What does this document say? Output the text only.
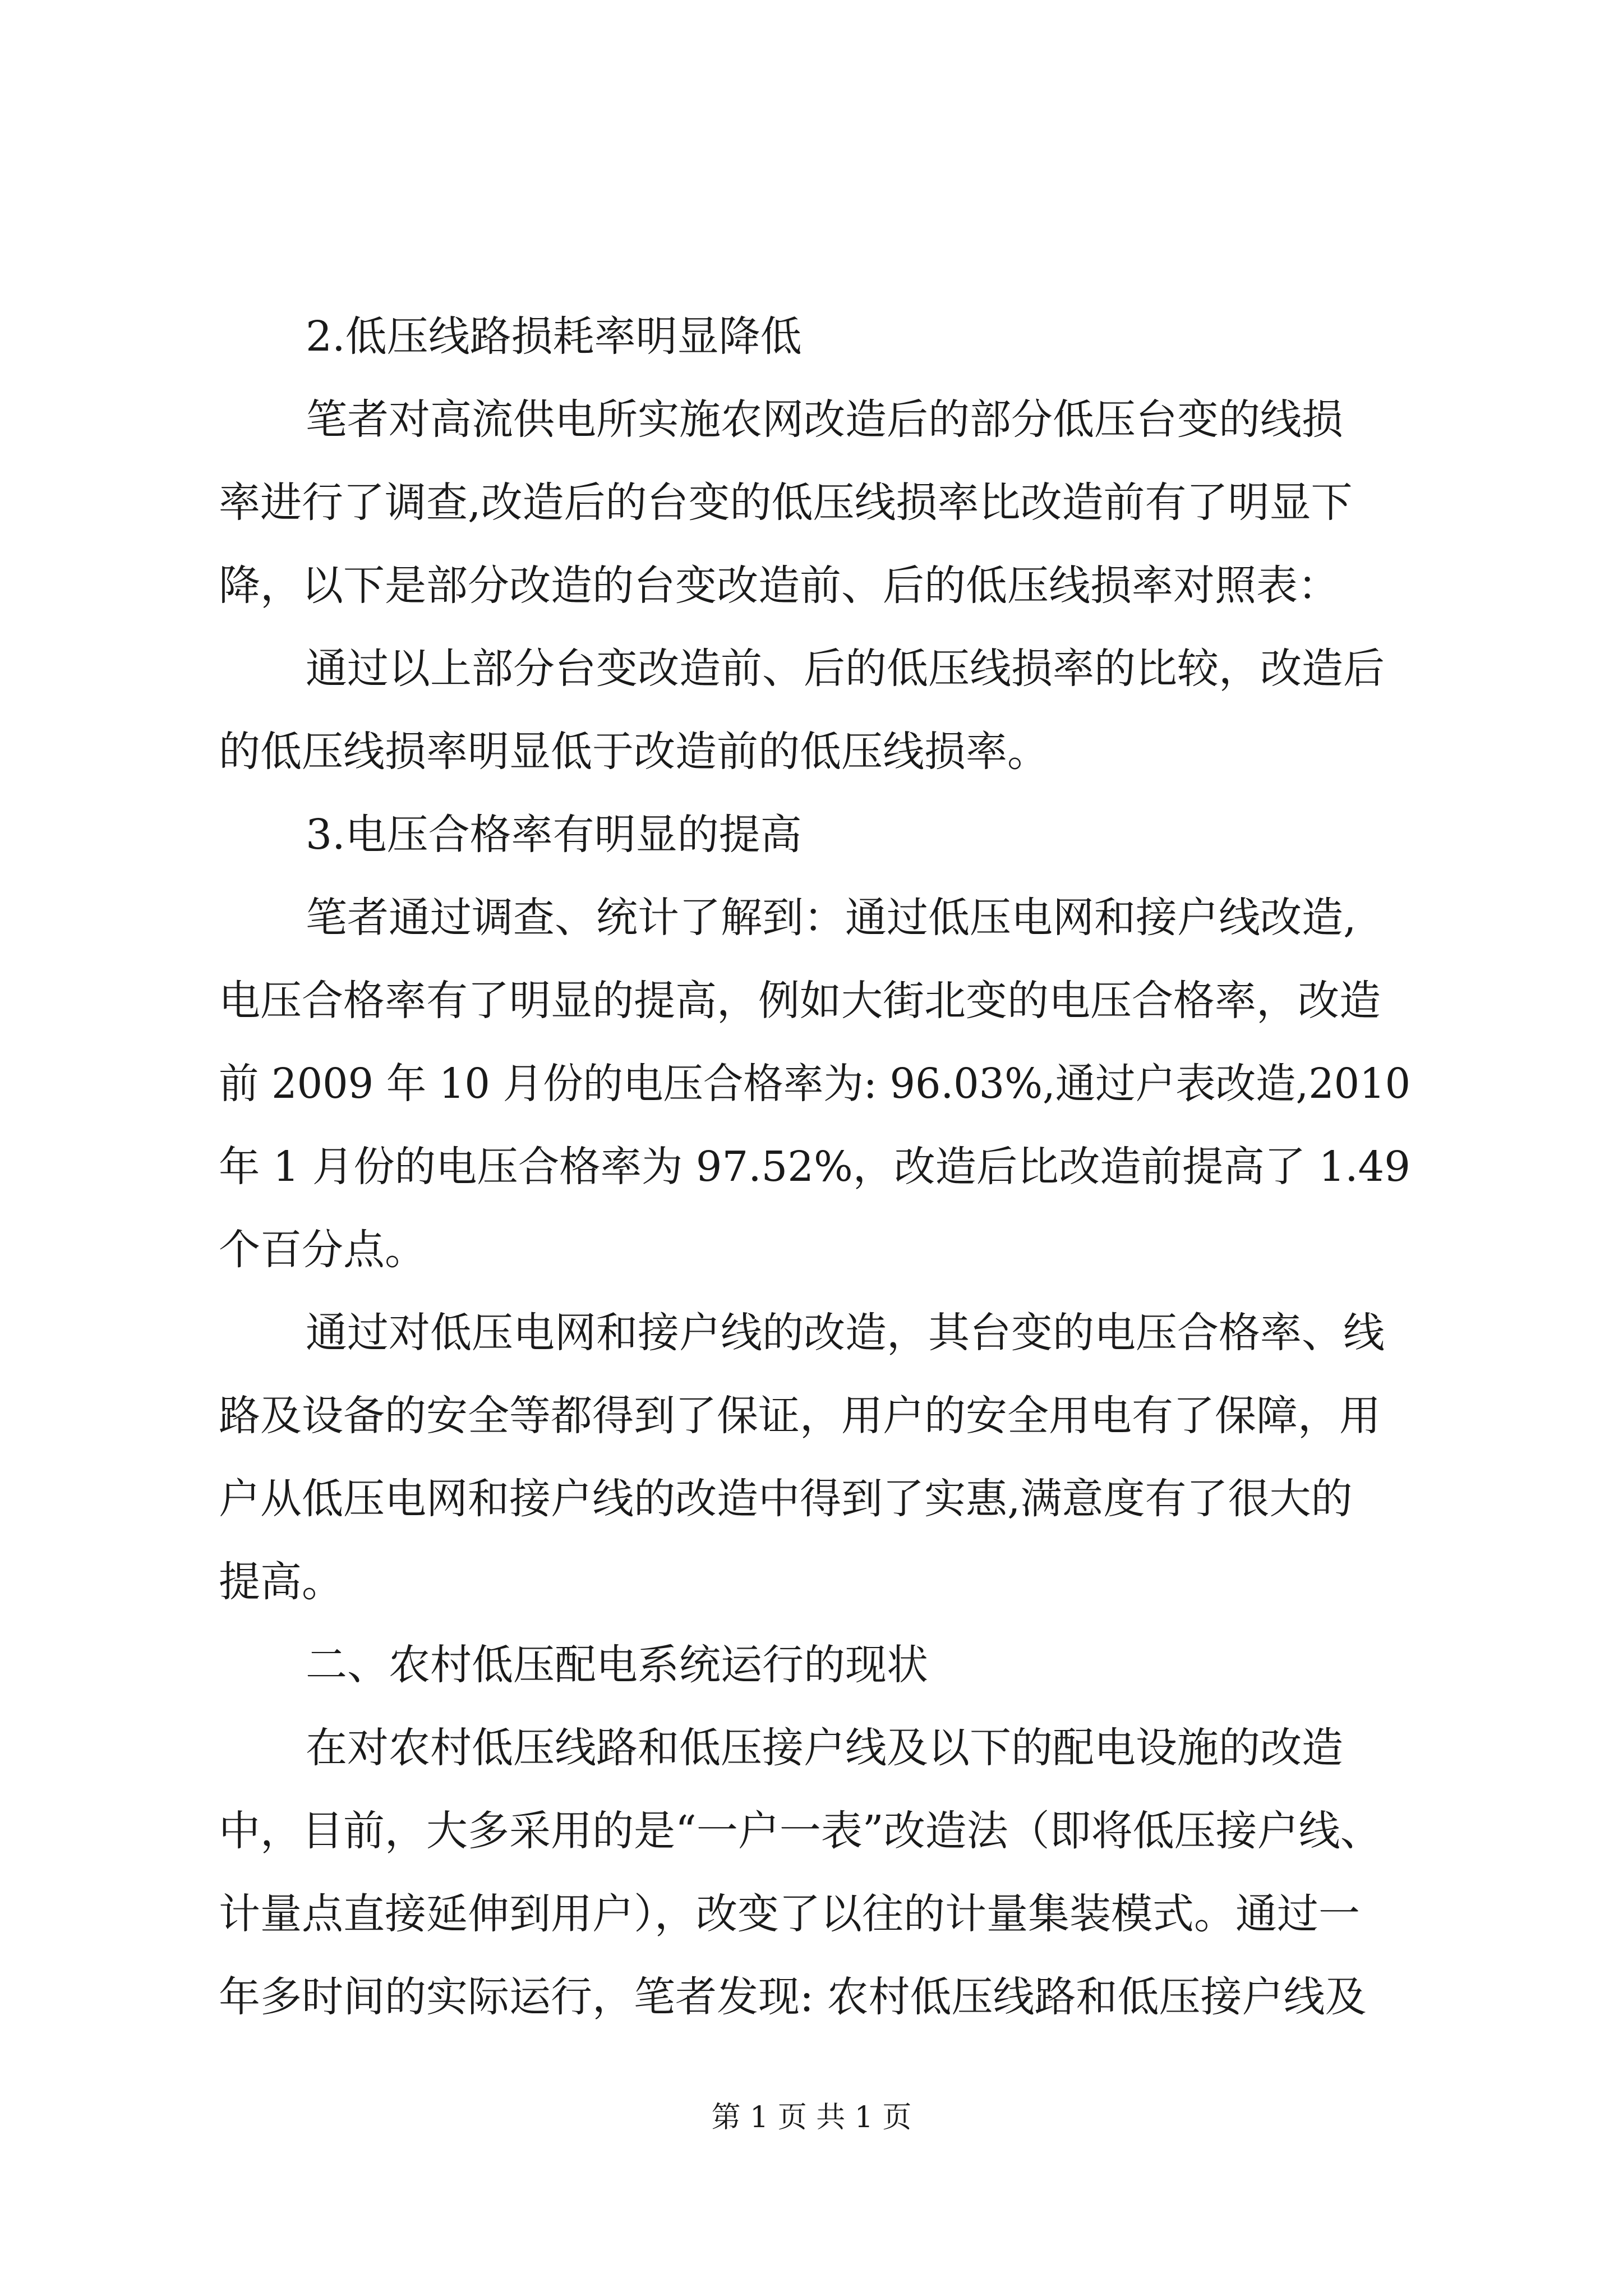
2.低压线路损耗率明显降低
笔者对高流供电所实施农网改造后的部分低压台变的线损
率进行了调查,改造后的台变的低压线损率比改造前有了明显下
降，以下是部分改造的台变改造前、后的低压线损率对照表：
通过以上部分台变改造前、后的低压线损率的比较，改造后
的低压线损率明显低于改造前的低压线损率。
3.电压合格率有明显的提高
笔者通过调查、统计了解到：通过低压电网和接户线改造,
电压合格率有了明显的提高，例如大街北变的电压合格率，改造
前 2009 年 10 月份的电压合格率为: 96.03%,通过户表改造,2010
年 1 月份的电压合格率为 97.52%，改造后比改造前提高了 1.49
个百分点。
通过对低压电网和接户线的改造，其台变的电压合格率、线
路及设备的安全等都得到了保证，用户的安全用电有了保障，用
户从低压电网和接户线的改造中得到了实惠,满意度有了很大的
提高。
二、农村低压配电系统运行的现状
在对农村低压线路和低压接户线及以下的配电设施的改造
中，目前，大多采用的是“一户一表”改造法（即将低压接户线、
计量点直接延伸到用户），改变了以往的计量集装模式。通过一
年多时间的实际运行，笔者发现: 农村低压线路和低压接户线及
第 1 页 共 1 页
